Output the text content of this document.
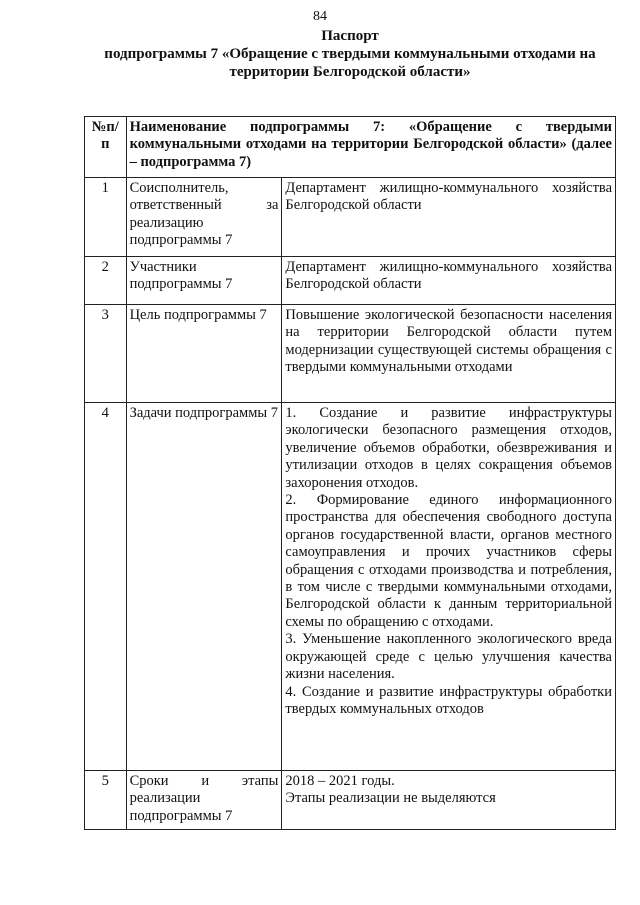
84
Паспорт
подпрограммы 7 «Обращение с твердыми коммунальными отходами на
территории Белгородской области»
№п/п	Наименование подпрограммы 7: «Обращение с твердыми коммунальными отходами на территории Белгородской области» (далее – подпрограмма 7)	
1	Соисполнитель, ответственный за реализацию подпрограммы 7	Департамент жилищно-коммунального хозяйства Белгородской области
2	Участники подпрограммы 7	Департамент жилищно-коммунального хозяйства Белгородской области
3	Цель подпрограммы 7	Повышение экологической безопасности населения на территории Белгородской области путем модернизации существующей системы обращения с твердыми коммунальными отходами
4	Задачи подпрограммы 7	1. Создание и развитие инфраструктуры экологически безопасного размещения отходов, увеличение объемов обработки, обезвреживания и утилизации отходов в целях сокращения объемов захоронения отходов.
2. Формирование единого информационного пространства для обеспечения свободного доступа органов государственной власти, органов местного самоуправления и прочих участников сферы обращения с отходами производства и потребления, в том числе с твердыми коммунальными отходами, Белгородской области к данным территориальной схемы по обращению с отходами.
3. Уменьшение накопленного экологического вреда окружающей среде с целью улучшения качества жизни населения.
4. Создание и развитие инфраструктуры обработки твердых коммунальных отходов

5	Сроки и этапы реализации подпрограммы 7	2018 – 2021 годы.
Этапы реализации не выделяются
